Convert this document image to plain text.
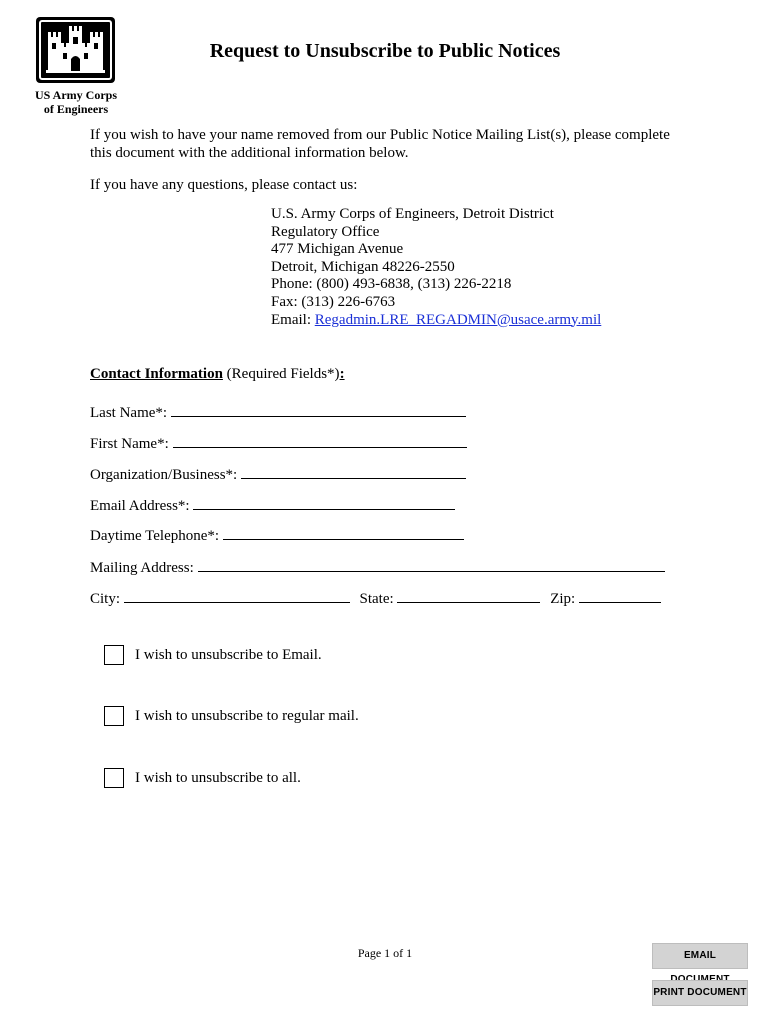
US Army Corps
of Engineers
Request to Unsubscribe to Public Notices
If you wish to have your name removed from our Public Notice Mailing List(s), please complete this document with the additional information below.
If you have any questions, please contact us:
U.S. Army Corps of Engineers, Detroit District
Regulatory Office
477 Michigan Avenue
Detroit, Michigan 48226-2550
Phone: (800) 493-6838, (313) 226-2218
Fax: (313) 226-6763
Email: Regadmin.LRE_REGADMIN@usace.army.mil
Contact Information (Required Fields*):
Last Name*:
First Name*:
Organization/Business*:
Email Address*:
Daytime Telephone*:
Mailing Address:
City:	State:	Zip:
I wish to unsubscribe to Email.
I wish to unsubscribe to regular mail.
I wish to unsubscribe to all.
Page 1 of 1	EMAIL
PRINT DOCUMENT
